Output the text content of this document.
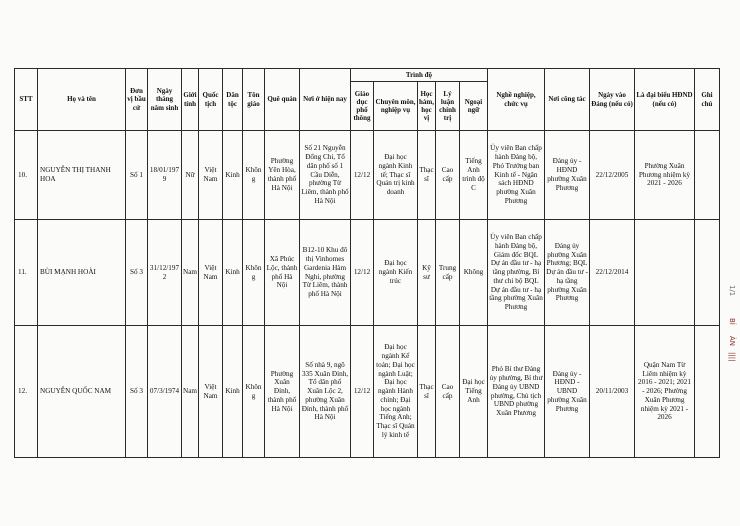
STT	Họ và tên	Đơn vị bầu cử	Ngày tháng năm sinh	Giới tính	Quốc tịch	Dân tộc	Tôn giáo	Quê quán	Nơi ở hiện nay	Trình độ					Nghề nghiệp, chức vụ	Nơi công tác	Ngày vào Đảng (nếu có)	Là đại biểu HĐND (nếu có)	Ghi chú
										Giáo dục phổ thông	Chuyên môn, nghiệp vụ	Học hàm, học vị	Lý luận chính trị	Ngoại ngữ					
10.	NGUYỄN THỊ THANH HOA	Số 1	18/01/1979	Nữ	Việt Nam	Kinh	Không	Phường Yên Hòa, thành phố Hà Nội	Số 21 Nguyễn Đổng Chi, Tổ dân phố số 1 Cầu Diễn, phường Từ Liêm, thành phố Hà Nội	12/12	Đại học ngành Kinh tế; Thạc sĩ Quản trị kinh doanh	Thạc sĩ	Cao cấp	Tiếng Anh trình độ C	Ủy viên Ban chấp hành Đảng bộ, Phó Trưởng ban Kinh tế - Ngân sách HĐND phường Xuân Phương	Đảng ủy - HĐND phường Xuân Phương	22/12/2005	Phường Xuân Phương nhiệm kỳ 2021 - 2026	
11.	BÙI MẠNH HOÀI	Số 3	31/12/1972	Nam	Việt Nam	Kinh	Không	Xã Phúc Lộc, thành phố Hà Nội	B12-10 Khu đô thị Vinhomes Gardenia Hàm Nghi, phường Từ Liêm, thành phố Hà Nội	12/12	Đại học ngành Kiến trúc	Kỹ sư	Trung cấp	Không	Ủy viên Ban chấp hành Đảng bộ, Giám đốc BQL Dự án đầu tư - hạ tầng phường, Bí thư chi bộ BQL Dự án đầu tư - hạ tầng phường Xuân Phương	Đảng ủy phường Xuân Phương; BQL Dự án đầu tư - hạ tầng phường Xuân Phương	22/12/2014		
12.	NGUYỄN QUỐC NAM	Số 3	07/3/1974	Nam	Việt Nam	Kinh	Không	Phường Xuân Đỉnh, thành phố Hà Nội	Số nhà 9, ngõ 335 Xuân Đỉnh, Tổ dân phố Xuân Lộc 2, phường Xuân Đỉnh, thành phố Hà Nội	12/12	Đại học ngành Kế toán; Đại học ngành Luật; Đại học ngành Hành chính; Đại học ngành Tiếng Anh; Thạc sĩ Quản lý kinh tế	Thạc sĩ	Cao cấp	Đại học Tiếng Anh	Phó Bí thư Đảng ủy phường, Bí thư Đảng ủy UBND phường, Chủ tịch UBND phường Xuân Phương	Đảng ủy - HĐND - UBND phường Xuân Phương	20/11/2003	Quận Nam Từ Liêm nhiệm kỳ 2016 - 2021; 2021 - 2026; Phường Xuân Phương nhiệm kỳ 2021 - 2026	
1/1
BÍ
ÀN
||||
